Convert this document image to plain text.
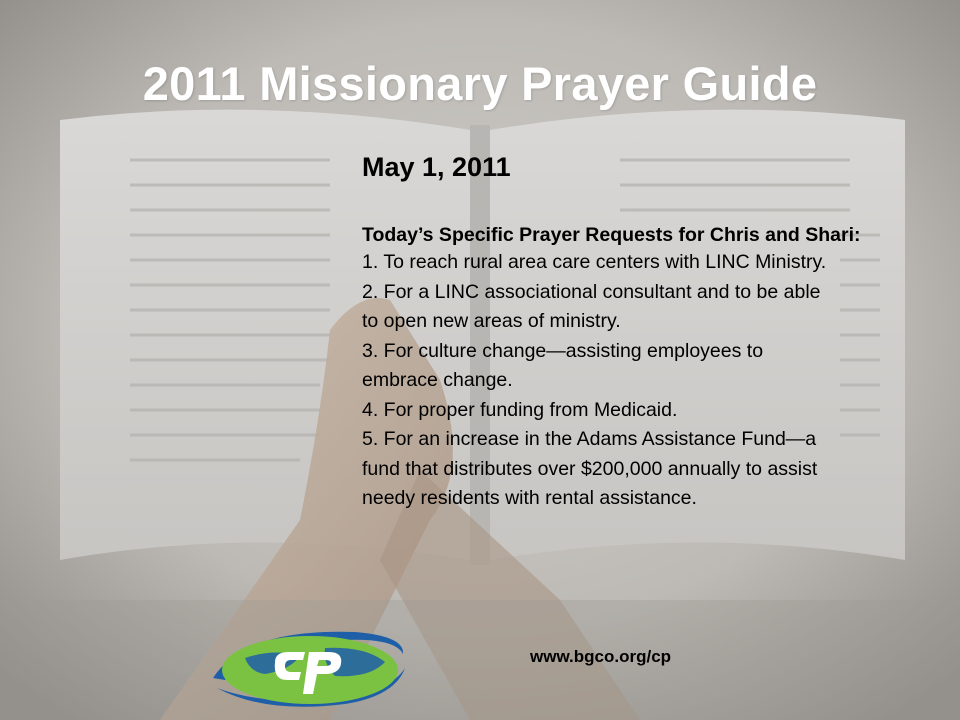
2011 Missionary Prayer Guide
May 1, 2011
Today’s Specific Prayer Requests for Chris and Shari:
1. To reach rural area care centers with LINC Ministry.
2. For a LINC associational consultant and to be able to open new areas of ministry.
3. For culture change—assisting employees to embrace change.
4. For proper funding from Medicaid.
5. For an increase in the Adams Assistance Fund—a fund that distributes over $200,000 annually to assist needy residents with rental assistance.
www.bgco.org/cp
